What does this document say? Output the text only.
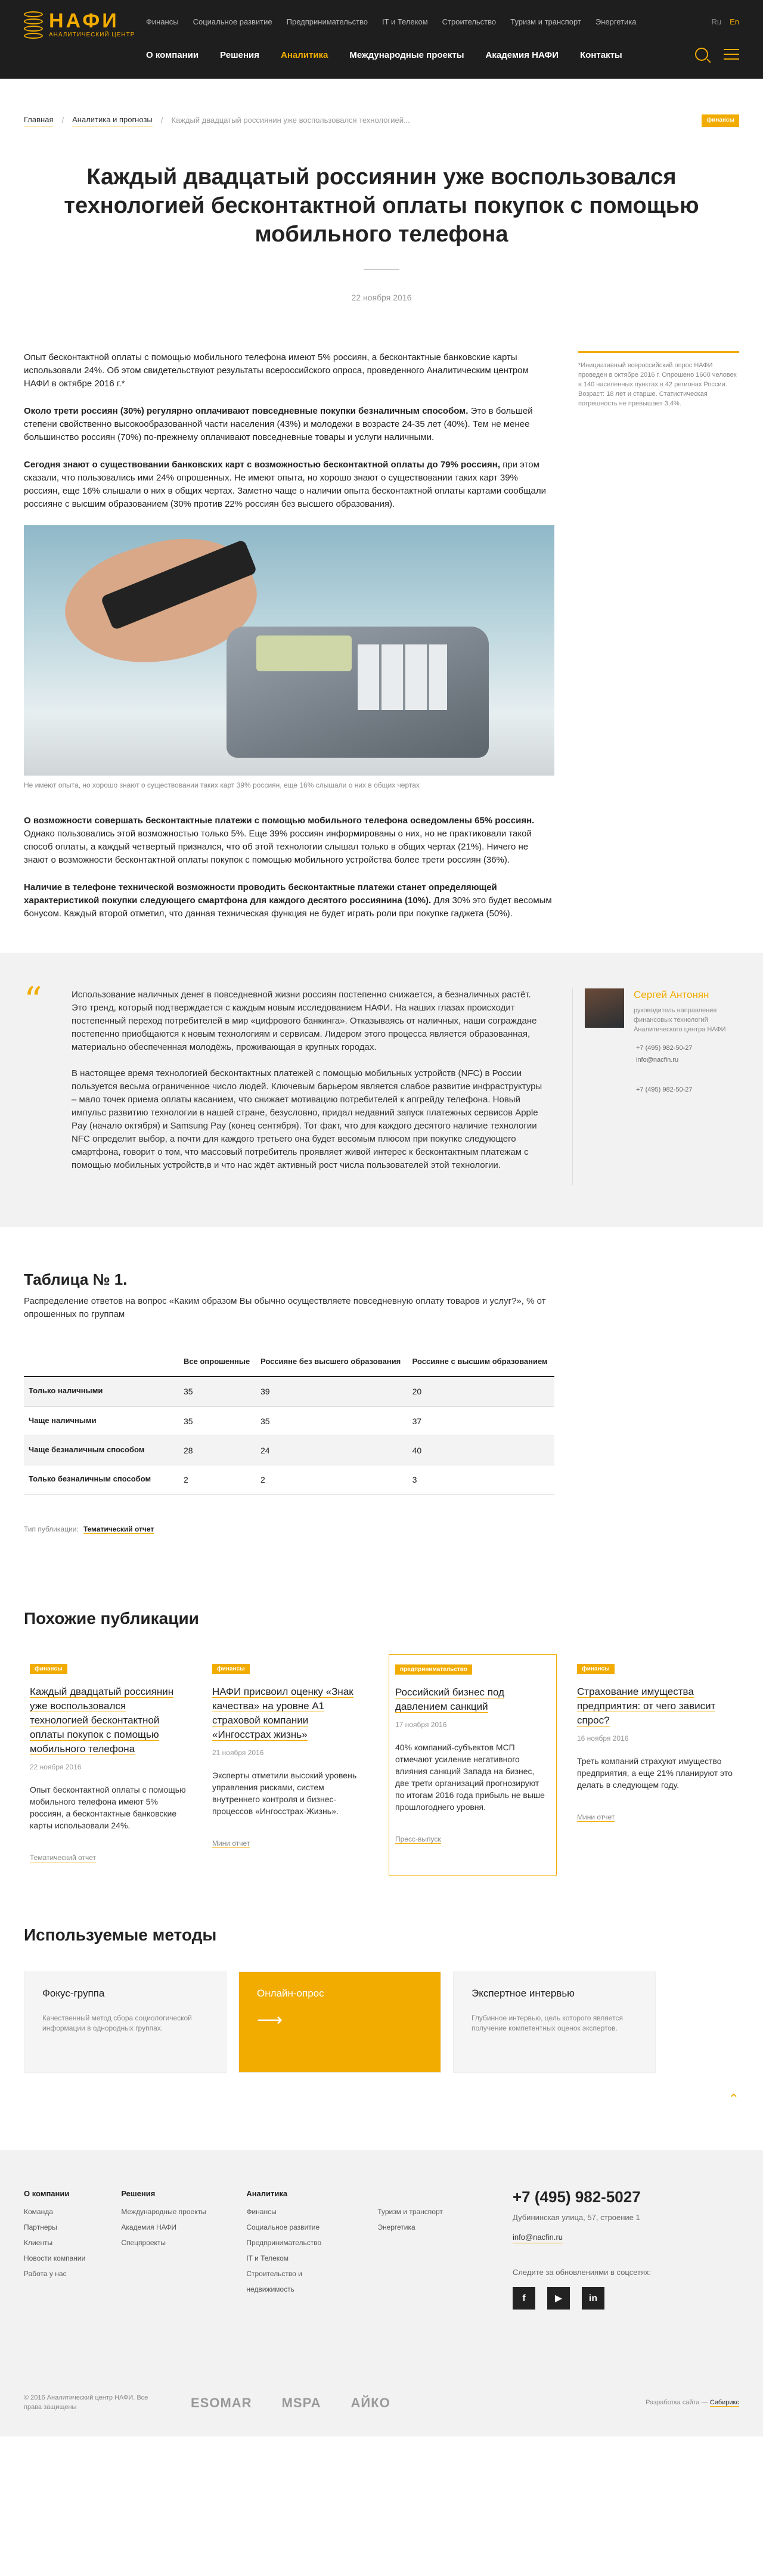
НАФИ
АНАЛИТИЧЕСКИЙ ЦЕНТР
Финансы Социальное развитие Предпринимательство IT и Телеком Строительство Туризм и транспорт Энергетика	Ru En
О компании Решения Аналитика Международные проекты Академия НАФИ Контакты
Главная / Аналитика и прогнозы / Каждый двадцатый россиянин уже воспользовался технологией...	финансы
Каждый двадцатый россиянин уже воспользовался технологией бесконтактной оплаты покупок с помощью мобильного телефона
22 ноября 2016

Опыт бесконтактной оплаты с помощью мобильного телефона имеют 5% россиян, а бесконтактные банковские карты использовали 24%. Об этом свидетельствуют результаты всероссийского опроса, проведенного Аналитическим центром НАФИ в октябре 2016 г.*

Около трети россиян (30%) регулярно оплачивают повседневные покупки безналичным способом. Это в большей степени свойственно высокообразованной части населения (43%) и молодежи в возрасте 24-35 лет (40%). Тем не менее большинство россиян (70%) по-прежнему оплачивают повседневные товары и услуги наличными.

Сегодня знают о существовании банковских карт с возможностью бесконтактной оплаты до 79% россиян, при этом сказали, что пользовались ими 24% опрошенных. Не имеют опыта, но хорошо знают о существовании таких карт 39% россиян, еще 16% слышали о них в общих чертах. Заметно чаще о наличии опыта бесконтактной оплаты картами сообщали россияне с высшим образованием (30% против 22% россиян без высшего образования).

Не имеют опыта, но хорошо знают о существовании таких карт 39% россиян, еще 16% слышали о них в общих чертах

О возможности совершать бесконтактные платежи с помощью мобильного телефона осведомлены 65% россиян. Однако пользовались этой возможностью только 5%. Еще 39% россиян информированы о них, но не практиковали такой способ оплаты, а каждый четвертый признался, что об этой технологии слышал только в общих чертах (21%). Ничего не знают о возможности бесконтактной оплаты покупок с помощью мобильного устройства более трети россиян (36%).

Наличие в телефоне технической возможности проводить бесконтактные платежи станет определяющей характеристикой покупки следующего смартфона для каждого десятого россиянина (10%). Для 30% это будет весомым бонусом. Каждый второй отметил, что данная техническая функция не будет играть роли при покупке гаджета (50%).

*Инициативный всероссийский опрос НАФИ проведен в октябре 2016 г. Опрошено 1600 человек в 140 населенных пунктах в 42 регионах России. Возраст: 18 лет и старше. Статистическая погрешность не превышает 3,4%.
“	Использование наличных денег в повседневной жизни россиян постепенно снижается, а безналичных растёт. Это тренд, который подтверждается с каждым новым исследованием НАФИ. На наших глазах происходит постепенный переход потребителей в мир «цифрового банкинга». Отказываясь от наличных, наши сограждане постепенно приобщаются к новым технологиям и сервисам. Лидером этого процесса является образованная, материально обеспеченная молодёжь, проживающая в крупных городах.

В настоящее время технологией бесконтактных платежей с помощью мобильных устройств (NFC) в России пользуется весьма ограниченное число людей. Ключевым барьером является слабое развитие инфраструктуры – мало точек приема оплаты касанием, что снижает мотивацию потребителей к апгрейду телефона. Новый импульс развитию технологии в нашей стране, безусловно, придал недавний запуск платежных сервисов Apple Pay (начало октября) и Samsung Pay (конец сентября). Тот факт, что для каждого десятого наличие технологии NFC определит выбор, а почти для каждого третьего она будет весомым плюсом при покупке следующего смартфона, говорит о том, что массовый потребитель проявляет живой интерес к бесконтактным платежам с помощью мобильных устройств,в и что нас ждёт активный рост числа пользователей этой технологии.

Сергей Антонян
руководитель направления финансовых технологий Аналитического центра НАФИ
+7 (495) 982-50-27
info@nacfin.ru
+7 (495) 982-50-27
Таблица № 1.
Распределение ответов на вопрос «Каким образом Вы обычно осуществляете повседневную оплату товаров и услуг?», % от опрошенных по группам
	Все опрошенные	Россияне без высшего образования	Россияне с высшим образованием
Только наличными	35	39	20
Чаще наличными	35	35	37
Чаще безналичным способом	28	24	40
Только безналичным способом	2	2	3
Тип публикации: Тематический отчет
Похожие публикации
финансы
Каждый двадцатый россиянин уже воспользовался технологией бесконтактной оплаты покупок с помощью мобильного телефона
22 ноября 2016
Опыт бесконтактной оплаты с помощью мобильного телефона имеют 5% россиян, а бесконтактные банковские карты использовали 24%.
Тематический отчет
финансы
НАФИ присвоил оценку «Знак качества» на уровне А1 страховой компании «Ингосстрах жизнь»
21 ноября 2016
Эксперты отметили высокий уровень управления рисками, систем внутреннего контроля и бизнес-процессов «Ингосстрах-Жизнь».
Мини отчет
предпринимательство
Российский бизнес под давлением санкций
17 ноября 2016
40% компаний-субъектов МСП отмечают усиление негативного влияния санкций Запада на бизнес, две трети организаций прогнозируют по итогам 2016 года прибыль не выше прошлогоднего уровня.
Пресс-выпуск
финансы
Страхование имущества предприятия: от чего зависит спрос?
16 ноября 2016
Треть компаний страхуют имущество предприятия, а еще 21% планируют это делать в следующем году.
Мини отчет
Используемые методы
Фокус-группа
Качественный метод сбора социологической информации в однородных группах.
Онлайн-опрос
⟶
Экспертное интервью
Глубинное интервью, цель которого является получение компетентных оценок экспертов.
⌃
О компании
Команда
Партнеры
Клиенты
Новости компании
Работа у нас
Решения
Международные проекты
Академия НАФИ
Спецпроекты
Аналитика
Финансы
Социальное развитие
Предпринимательство
IT и Телеком
Строительство и недвижимость
Туризм и транспорт
Энергетика
+7 (495) 982-5027
Дубининская улица, 57, строение 1
info@nacfin.ru
Следите за обновлениями в соцсетях:
f	▶	in
© 2016 Аналитический центр НАФИ. Все права защищены	ESOMAR MSPA АЙКО	Разработка сайта — Сибирикс
